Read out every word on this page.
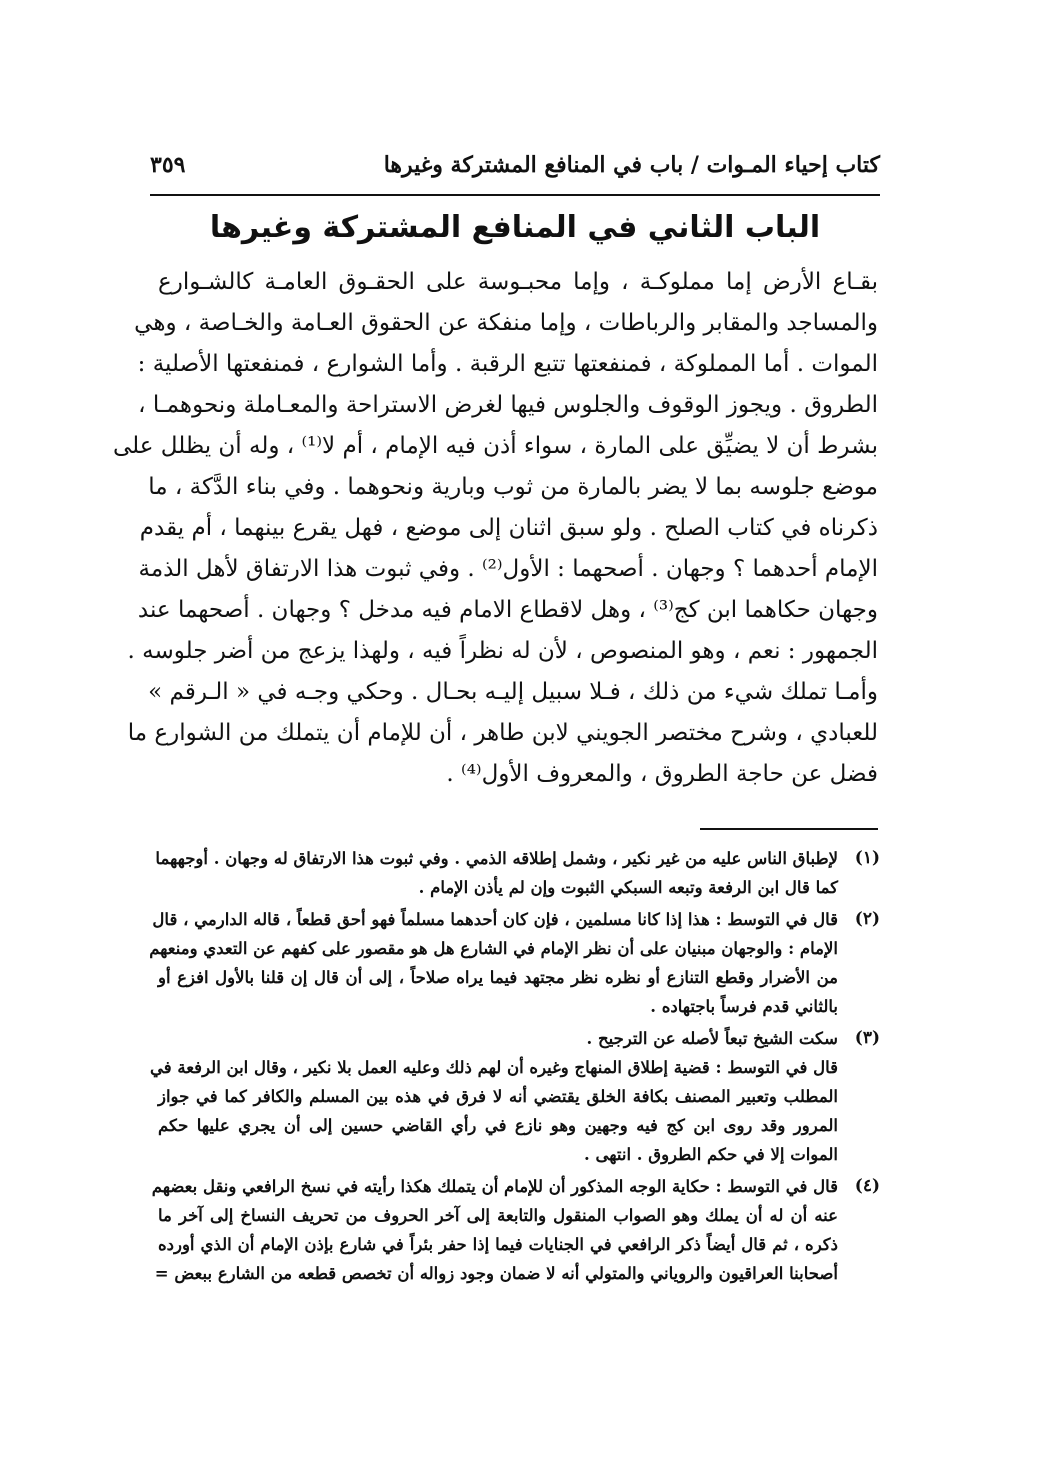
كتاب إحياء المـوات / باب في المنافع المشتركة وغيرها
٣٥٩
الباب الثاني في المنافع المشتركة وغيرها
بقـاع الأرض إما مملوكـة ، وإما محبـوسة على الحقـوق العامـة كالشـوارع
والمساجد والمقابر والرباطات ، وإما منفكة عن الحقوق العـامة والخـاصة ، وهي
الموات . أما المملوكة ، فمنفعتها تتبع الرقبة . وأما الشوارع ، فمنفعتها الأصلية :
الطروق . ويجوز الوقوف والجلوس فيها لغرض الاستراحة والمعـاملة ونحوهمـا ،
بشرط أن لا يضيِّق على المارة ، سواء أذن فيه الإمام ، أم لا⁽¹⁾ ، وله أن يظلل على
موضع جلوسه بما لا يضر بالمارة من ثوب وبارية ونحوهما . وفي بناء الدَّكة ، ما
ذكرناه في كتاب الصلح . ولو سبق اثنان إلى موضع ، فهل يقرع بينهما ، أم يقدم
الإمام أحدهما ؟ وجهان . أصحهما : الأول⁽²⁾ . وفي ثبوت هذا الارتفاق لأهل الذمة
وجهان حكاهما ابن كج⁽³⁾ ، وهل لاقطاع الامام فيه مدخل ؟ وجهان . أصحهما عند
الجمهور : نعم ، وهو المنصوص ، لأن له نظراً فيه ، ولهذا يزعج من أضر جلوسه .
وأمـا تملك شيء من ذلك ، فـلا سبيل إليـه بحـال . وحكي وجـه في « الـرقم »
للعبادي ، وشرح مختصر الجويني لابن طاهر ، أن للإمام أن يتملك من الشوارع ما
فضل عن حاجة الطروق ، والمعروف الأول⁽⁴⁾ .
(١)
لإطباق الناس عليه من غير نكير ، وشمل إطلاقه الذمي . وفي ثبوت هذا الارتفاق له وجهان . أوجههما
كما قال ابن الرفعة وتبعه السبكي الثبوت وإن لم يأذن الإمام .
(٢)
قال في التوسط : هذا إذا كانا مسلمين ، فإن كان أحدهما مسلماً فهو أحق قطعاً ، قاله الدارمي ، قال
الإمام : والوجهان مبنيان على أن نظر الإمام في الشارع هل هو مقصور على كفهم عن التعدي ومنعهم
من الأضرار وقطع التنازع أو نظره نظر مجتهد فيما يراه صلاحاً ، إلى أن قال إن قلنا بالأول افزع أو
بالثاني قدم فرساً باجتهاده .
(٣)
سكت الشيخ تبعاً لأصله عن الترجيح .
قال في التوسط : قضية إطلاق المنهاج وغيره أن لهم ذلك وعليه العمل بلا نكير ، وقال ابن الرفعة في
المطلب وتعبير المصنف بكافة الخلق يقتضي أنه لا فرق في هذه بين المسلم والكافر كما في جواز
المرور وقد روى ابن كج فيه وجهين وهو نازع في رأي القاضي حسين إلى أن يجري عليها حكم
الموات إلا في حكم الطروق . انتهى .
(٤)
قال في التوسط : حكاية الوجه المذكور أن للإمام أن يتملك هكذا رأيته في نسخ الرافعي ونقل بعضهم
عنه أن له أن يملك وهو الصواب المنقول والتابعة إلى آخر الحروف من تحريف النساخ إلى آخر ما
ذكره ، ثم قال أيضاً ذكر الرافعي في الجنايات فيما إذا حفر بئراً في شارع بإذن الإمام أن الذي أورده
أصحابنا العراقيون والروياني والمتولي أنه لا ضمان وجود زواله أن تخصص قطعه من الشارع ببعض =
